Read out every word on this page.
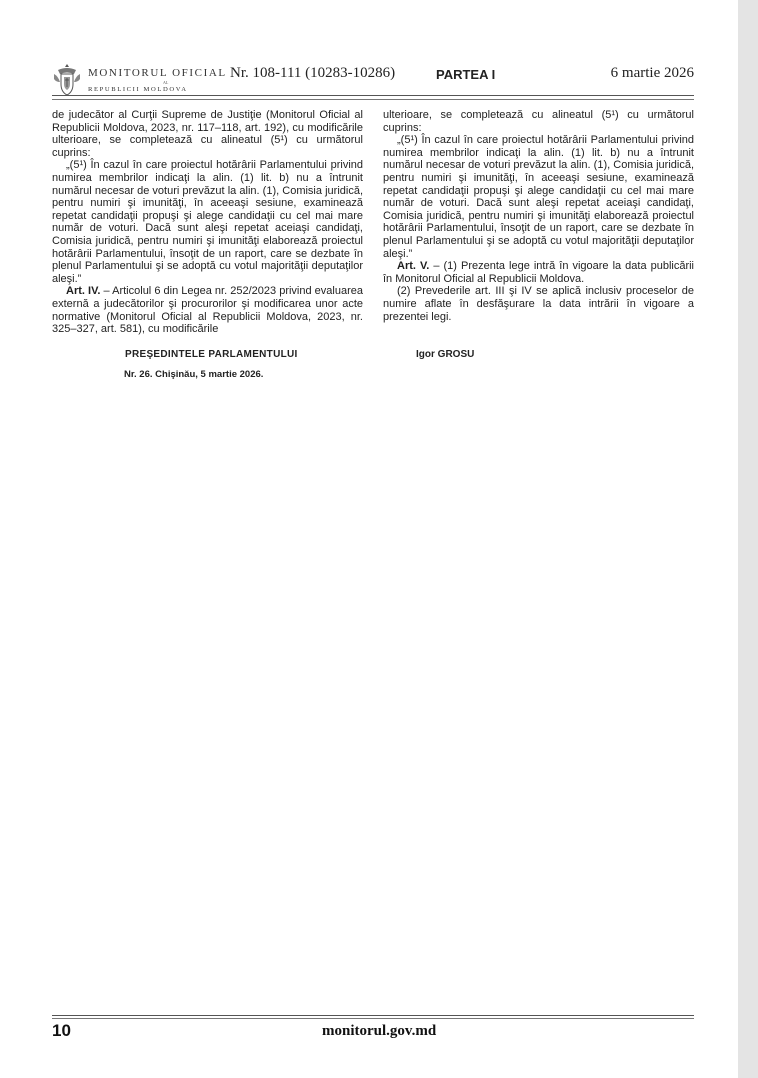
MONITORUL OFICIAL
AL
REPUBLICII MOLDOVA
Nr. 108-111 (10283-10286)	PARTEA I	6 martie 2026

de judecător al Curţii Supreme de Justiţie (Monitorul Oficial al Republicii Moldova, 2023, nr. 117–118, art. 192), cu modificările ulterioare, se completează cu alineatul (5¹) cu următorul cuprins:

„(5¹) În cazul în care proiectul hotărârii Parlamentului privind numirea membrilor indicaţi la alin. (1) lit. b) nu a întrunit numărul necesar de voturi prevăzut la alin. (1), Comisia juridică, pentru numiri şi imunităţi, în aceeaşi sesiune, examinează repetat candidaţii propuşi şi alege candidaţii cu cel mai mare număr de voturi. Dacă sunt aleşi repetat aceiaşi candidaţi, Comisia juridică, pentru numiri şi imunităţi elaborează proiectul hotărârii Parlamentului, însoţit de un raport, care se dezbate în plenul Parlamentului şi se adoptă cu votul majorităţii deputaţilor aleşi.”

Art. IV. – Articolul 6 din Legea nr. 252/2023 privind evaluarea externă a judecătorilor şi procurorilor şi modificarea unor acte normative (Monitorul Oficial al Republicii Moldova, 2023, nr. 325–327, art. 581), cu modificările

ulterioare, se completează cu alineatul (5¹) cu următorul cuprins:

„(5¹) În cazul în care proiectul hotărârii Parlamentului privind numirea membrilor indicaţi la alin. (1) lit. b) nu a întrunit numărul necesar de voturi prevăzut la alin. (1), Comisia juridică, pentru numiri şi imunităţi, în aceeaşi sesiune, examinează repetat candidaţii propuşi şi alege candidaţii cu cel mai mare număr de voturi. Dacă sunt aleşi repetat aceiaşi candidaţi, Comisia juridică, pentru numiri şi imunităţi elaborează proiectul hotărârii Parlamentului, însoţit de un raport, care se dezbate în plenul Parlamentului şi se adoptă cu votul majorităţii deputaţilor aleşi.”

Art. V. – (1) Prezenta lege intră în vigoare la data publicării în Monitorul Oficial al Republicii Moldova.

(2) Prevederile art. III şi IV se aplică inclusiv proceselor de numire aflate în desfăşurare la data intrării în vigoare a prezentei legi.

PREŞEDINTELE PARLAMENTULUI	Igor GROSU
Nr. 26. Chişinău, 5 martie 2026.
10	monitorul.gov.md
